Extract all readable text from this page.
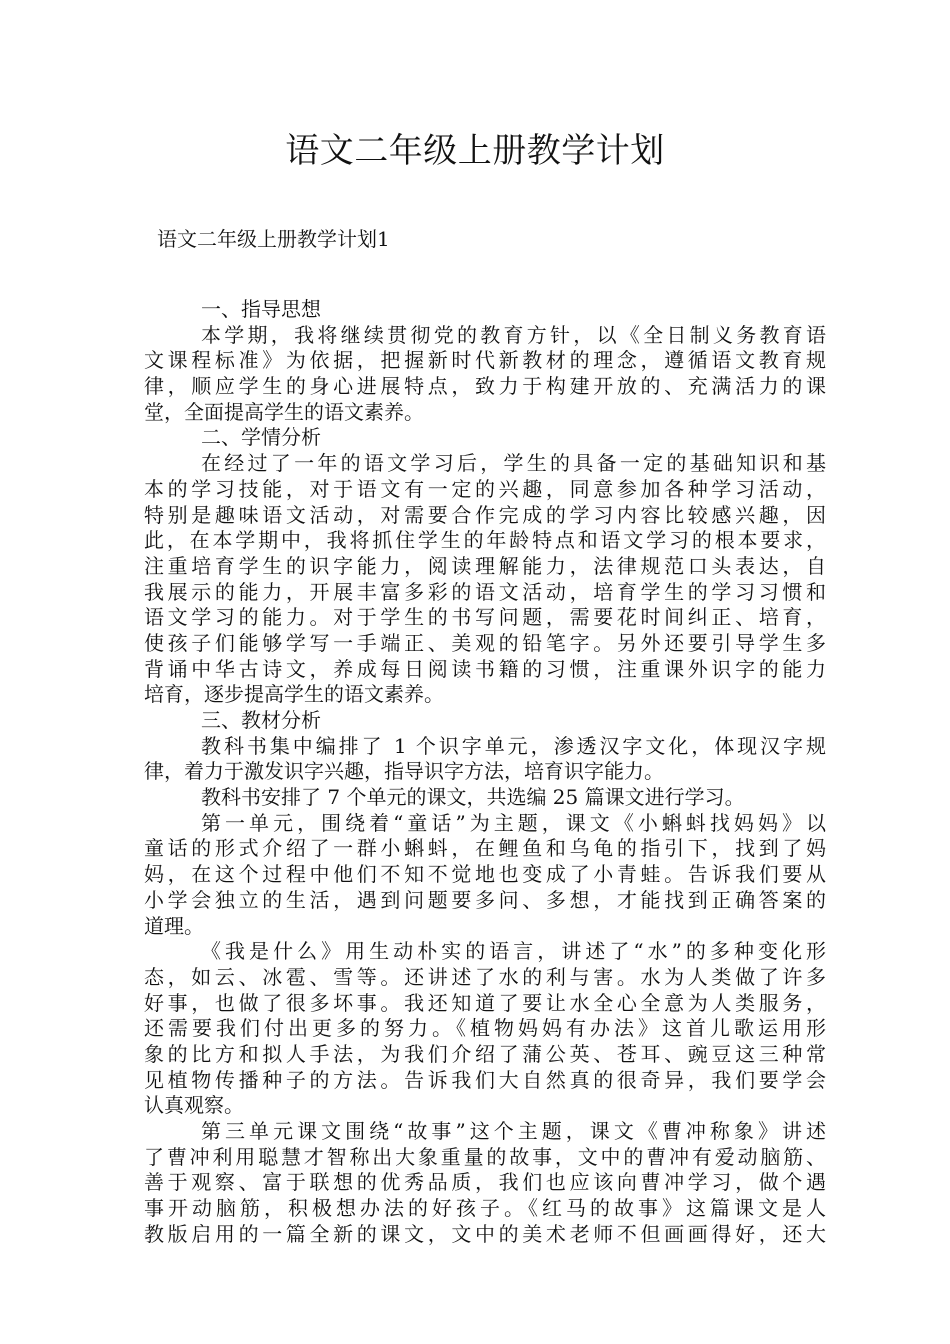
语文二年级上册教学计划
语文二年级上册教学计划1
一、指导思想
本学期，我将继续贯彻党的教育方针，以《全日制义务教育语
文课程标准》为依据，把握新时代新教材的理念，遵循语文教育规
律，顺应学生的身心进展特点，致力于构建开放的、充满活力的课
堂，全面提高学生的语文素养。
二、学情分析
在经过了一年的语文学习后，学生的具备一定的基础知识和基
本的学习技能，对于语文有一定的兴趣，同意参加各种学习活动，
特别是趣味语文活动，对需要合作完成的学习内容比较感兴趣，因
此，在本学期中，我将抓住学生的年龄特点和语文学习的根本要求，
注重培育学生的识字能力，阅读理解能力，法律规范口头表达，自
我展示的能力，开展丰富多彩的语文活动，培育学生的学习习惯和
语文学习的能力。对于学生的书写问题，需要花时间纠正、培育，
使孩子们能够学写一手端正、美观的铅笔字。另外还要引导学生多
背诵中华古诗文，养成每日阅读书籍的习惯，注重课外识字的能力
培育，逐步提高学生的语文素养。
三、教材分析
教科书集中编排了 1 个识字单元，渗透汉字文化，体现汉字规
律，着力于激发识字兴趣，指导识字方法，培育识字能力。
教科书安排了 7 个单元的课文，共选编 25 篇课文进行学习。
第一单元，围绕着“童话”为主题，课文《小蝌蚪找妈妈》以
童话的形式介绍了一群小蝌蚪，在鲤鱼和乌龟的指引下，找到了妈
妈，在这个过程中他们不知不觉地也变成了小青蛙。告诉我们要从
小学会独立的生活，遇到问题要多问、多想，才能找到正确答案的
道理。
《我是什么》用生动朴实的语言，讲述了“水”的多种变化形
态，如云、冰雹、雪等。还讲述了水的利与害。水为人类做了许多
好事，也做了很多坏事。我还知道了要让水全心全意为人类服务，
还需要我们付出更多的努力。《植物妈妈有办法》这首儿歌运用形
象的比方和拟人手法，为我们介绍了蒲公英、苍耳、豌豆这三种常
见植物传播种子的方法。告诉我们大自然真的很奇异，我们要学会
认真观察。
第三单元课文围绕“故事”这个主题，课文《曹冲称象》讲述
了曹冲利用聪慧才智称出大象重量的故事，文中的曹冲有爱动脑筋、
善于观察、富于联想的优秀品质，我们也应该向曹冲学习，做个遇
事开动脑筋，积极想办法的好孩子。《红马的故事》这篇课文是人
教版启用的一篇全新的课文，文中的美术老师不但画画得好，还大
